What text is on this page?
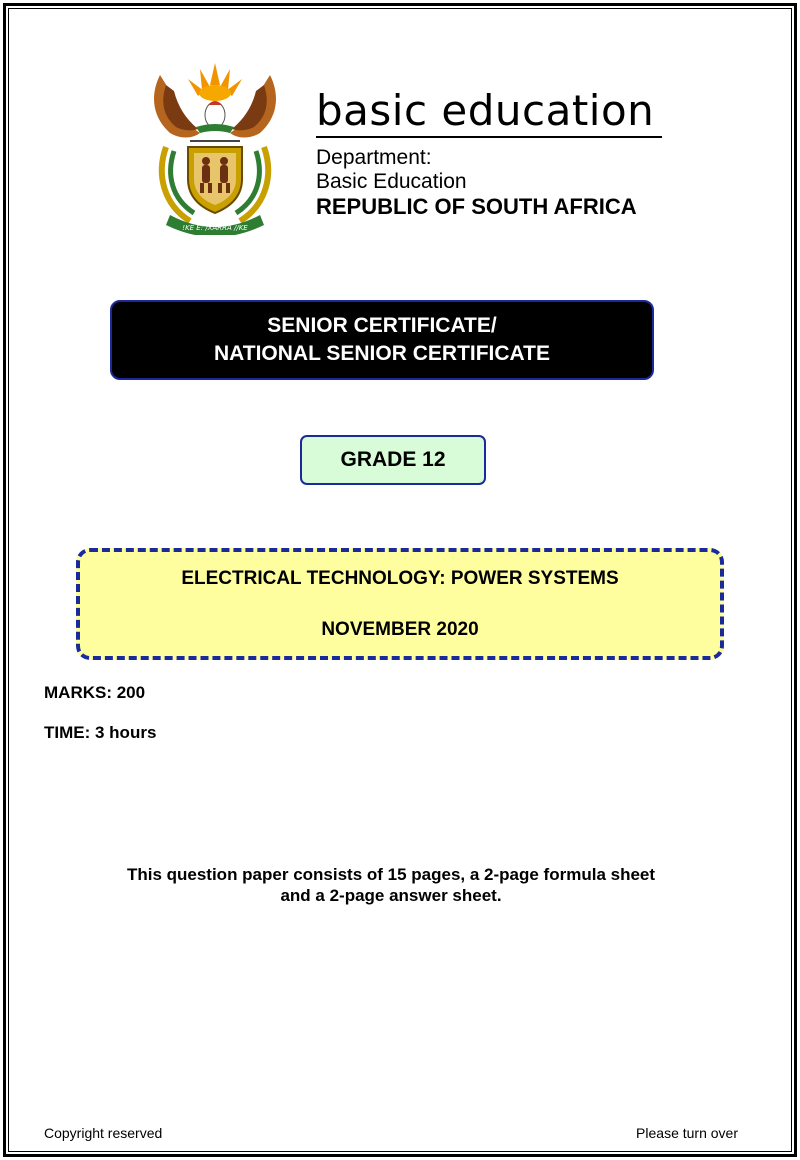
!KE E: /XARRA //KE
basic education
Department:
Basic Education
REPUBLIC OF SOUTH AFRICA
SENIOR CERTIFICATE/
NATIONAL SENIOR CERTIFICATE
GRADE 12
ELECTRICAL TECHNOLOGY: POWER SYSTEMS
NOVEMBER 2020
MARKS: 200
TIME: 3 hours
This question paper consists of 15 pages, a 2-page formula sheet
and a 2-page answer sheet.
Copyright reserved	Please turn over
